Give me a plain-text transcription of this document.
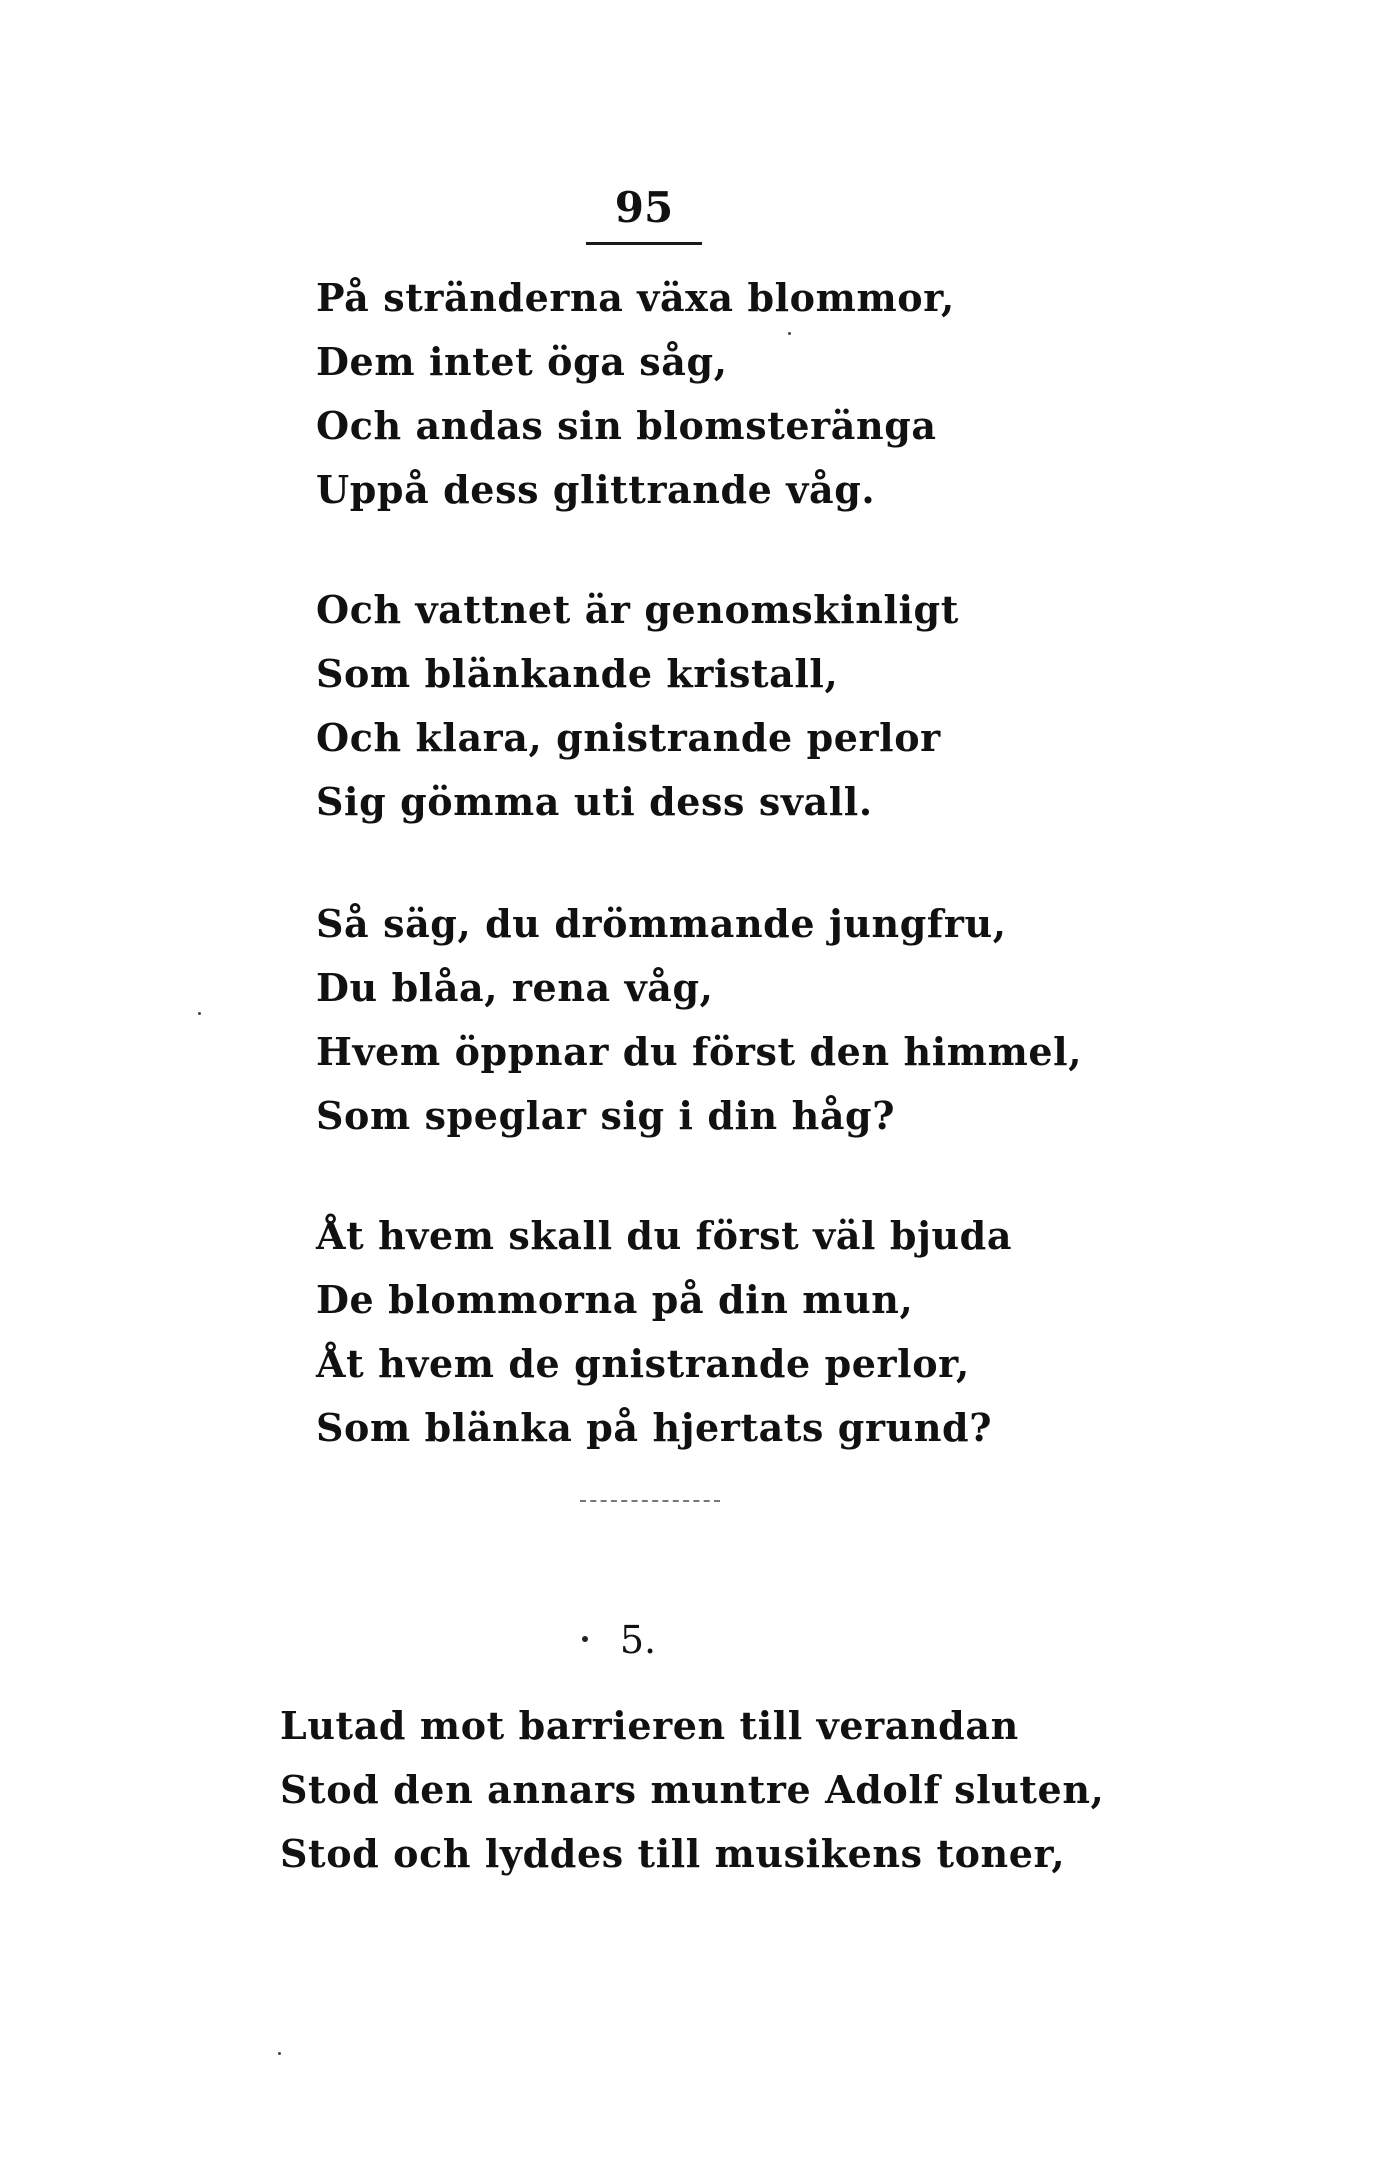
95
På stränderna växa blommor,
Dem intet öga såg,
Och andas sin blomsteränga
Uppå dess glittrande våg.
Och vattnet är genomskinligt
Som blänkande kristall,
Och klara, gnistrande perlor
Sig gömma uti dess svall.
Så säg, du drömmande jungfru,
Du blåa, rena våg,
Hvem öppnar du först den himmel,
Som speglar sig i din håg?
Åt hvem skall du först väl bjuda
De blommorna på din mun,
Åt hvem de gnistrande perlor,
Som blänka på hjertats grund?
5.
Lutad mot barrieren till verandan
Stod den annars muntre Adolf sluten,
Stod och lyddes till musikens toner,
